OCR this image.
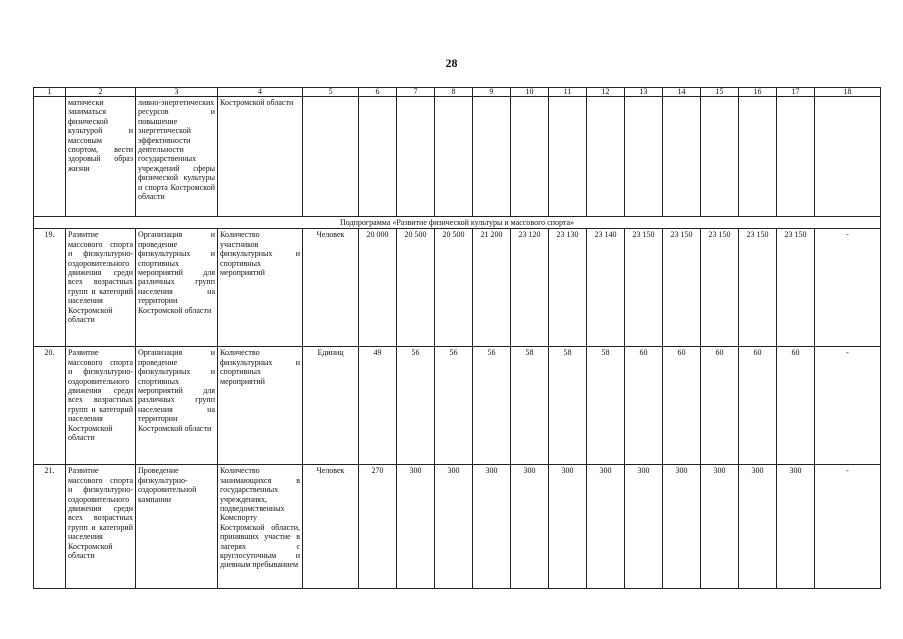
28
1	2	3	4	5	6	7	8	9	10	11	12	13	14	15	16	17	18
	матически заниматься физической культурой и массовым спортом, вести здоровый образ жизни	ливно-энергетических ресурсов и повышение энергетической эффективности деятельности государственных учреждений сферы физической культуры и спорта Костромской области	Костромской области														
Подпрограмма «Развитие физической культуры и массового спорта»																	
19.	Развитие массового спорта и физкультурно-оздоровительного движения среди всех возрастных групп и категорий населения Костромской области	Организация и проведение физкультурных и спортивных мероприятий для различных групп населения на территории Костромской области	Количество участников физкультурных и спортивных мероприятий	Человек	20 000	20 500	20 500	21 200	23 120	23 130	23 140	23 150	23 150	23 150	23 150	23 150	-
20.	Развитие массового спорта и физкультурно-оздоровительного движения среди всех возрастных групп и категорий населения Костромской области	Организация и проведение физкультурных и спортивных мероприятий для различных групп населения на территории Костромской области	Количество физкультурных и спортивных мероприятий	Единиц	49	56	56	56	58	58	58	60	60	60	60	60	-
21.	Развитие массового спорта и физкультурно-оздоровительного движения среди всех возрастных групп и категорий населения Костромской области	Проведение физкультурно-оздоровительной кампании	Количество занимающихся в государственных учреждениях, подведомственных Комспорту Костромской области, принявших участие в лагерях с круглосуточным и дневным пребыванием	Человек	270	300	300	300	300	300	300	300	300	300	300	300	-
